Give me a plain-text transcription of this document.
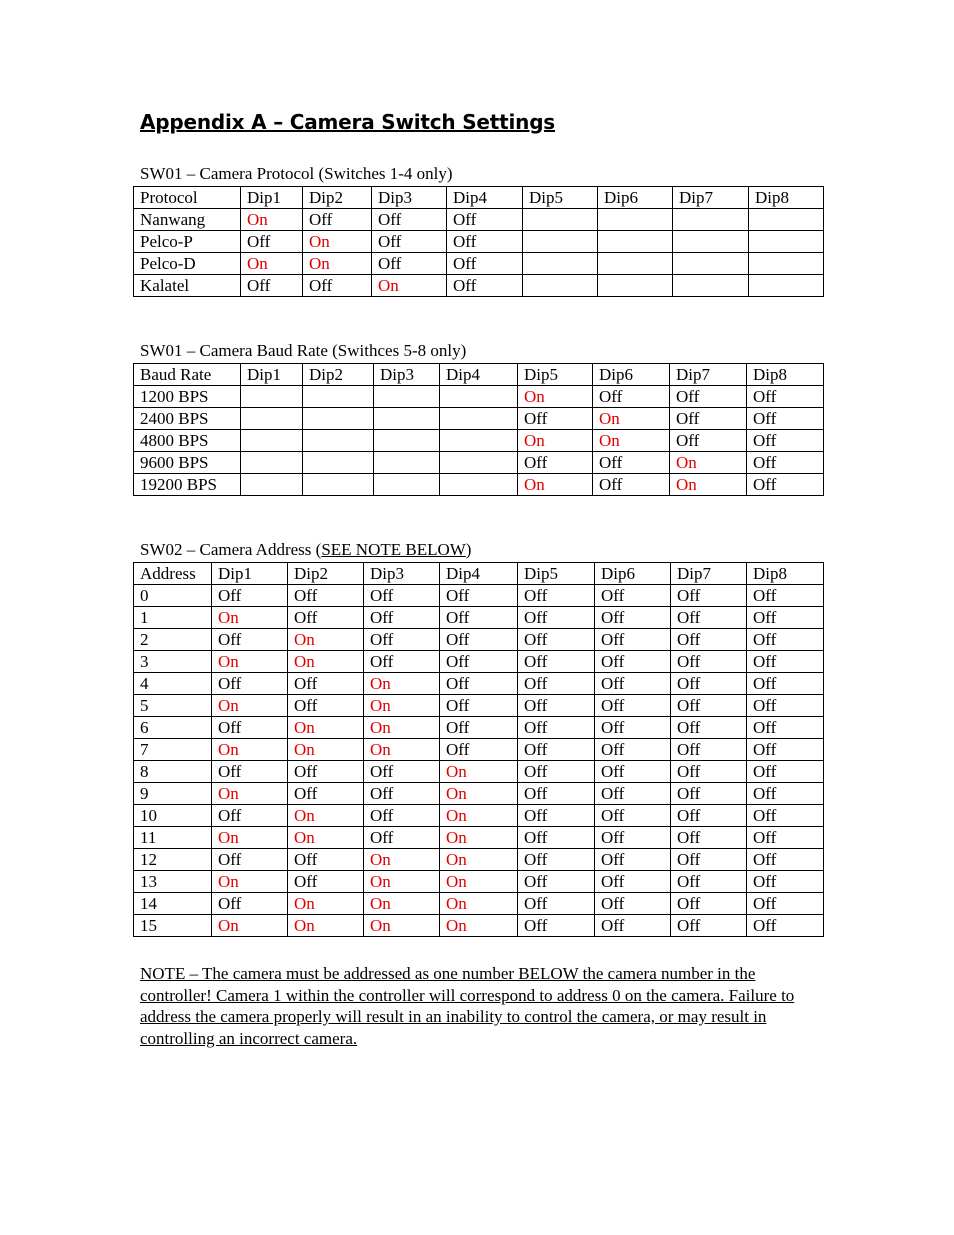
Appendix A – Camera Switch Settings
SW01 – Camera Protocol (Switches 1-4 only)
Protocol	Dip1	Dip2	Dip3	Dip4	Dip5	Dip6	Dip7	Dip8
Nanwang	On	Off	Off	Off				
Pelco-P	Off	On	Off	Off				
Pelco-D	On	On	Off	Off				
Kalatel	Off	Off	On	Off				
SW01 – Camera Baud Rate (Swithces 5-8 only)
Baud Rate	Dip1	Dip2	Dip3	Dip4	Dip5	Dip6	Dip7	Dip8
1200 BPS					On	Off	Off	Off
2400 BPS					Off	On	Off	Off
4800 BPS					On	On	Off	Off
9600 BPS					Off	Off	On	Off
19200 BPS					On	Off	On	Off
SW02 – Camera Address (SEE NOTE BELOW)
Address	Dip1	Dip2	Dip3	Dip4	Dip5	Dip6	Dip7	Dip8
0	Off	Off	Off	Off	Off	Off	Off	Off
1	On	Off	Off	Off	Off	Off	Off	Off
2	Off	On	Off	Off	Off	Off	Off	Off
3	On	On	Off	Off	Off	Off	Off	Off
4	Off	Off	On	Off	Off	Off	Off	Off
5	On	Off	On	Off	Off	Off	Off	Off
6	Off	On	On	Off	Off	Off	Off	Off
7	On	On	On	Off	Off	Off	Off	Off
8	Off	Off	Off	On	Off	Off	Off	Off
9	On	Off	Off	On	Off	Off	Off	Off
10	Off	On	Off	On	Off	Off	Off	Off
11	On	On	Off	On	Off	Off	Off	Off
12	Off	Off	On	On	Off	Off	Off	Off
13	On	Off	On	On	Off	Off	Off	Off
14	Off	On	On	On	Off	Off	Off	Off
15	On	On	On	On	Off	Off	Off	Off
NOTE – The camera must be addressed as one number BELOW the camera number in the controller! Camera 1 within the controller will correspond to address 0 on the camera. Failure to address the camera properly will result in an inability to control the camera, or may result in controlling an incorrect camera.
